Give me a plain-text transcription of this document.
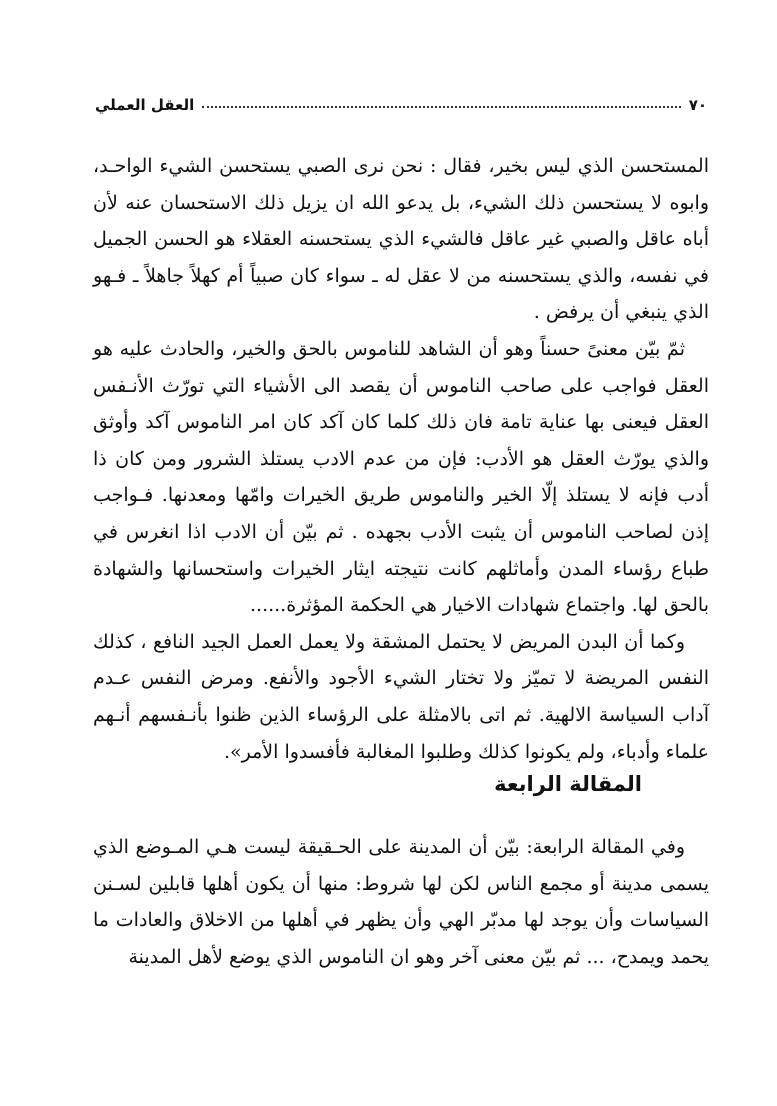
٧٠
العقل العملي

المستحسن الذي ليس بخير، فقال : نحن نرى الصبي يستحسن الشيء الواحـد، وابوه لا يستحسن ذلك الشيء، بل يدعو الله ان يزيل ذلك الاستحسان عنه لأن أباه عاقل والصبي غير عاقل فالشيء الذي يستحسنه العقلاء هو الحسن الجميل في نفسه، والذي يستحسنه من لا عقل له ـ سواء كان صبياً أم كهلاً جاهلاً ـ فـهو الذي ينبغي أن يرفض .

ثمّ بيّن معنىً حسناً وهو أن الشاهد للناموس بالحق والخير، والحادث عليه هو العقل فواجب على صاحب الناموس أن يقصد الى الأشياء التي تورّث الأنـفس العقل فيعنى بها عناية تامة فان ذلك كلما كان آكد كان امر الناموس آكد وأوثق والذي يورّث العقل هو الأدب: فإن من عدم الادب يستلذ الشرور ومن كان ذا أدب فإنه لا يستلذ إلّا الخير والناموس طريق الخيرات وامّها ومعدنها. فـواجب إذن لصاحب الناموس أن يثبت الأدب بجهده . ثم بيّن أن الادب اذا انغرس في طباع رؤساء المدن وأماثلهم كانت نتيجته ايثار الخيرات واستحسانها والشهادة بالحق لها. واجتماع شهادات الاخيار هي الحكمة المؤثرة......

وكما أن البدن المريض لا يحتمل المشقة ولا يعمل العمل الجيد النافع ، كذلك النفس المريضة لا تميّز ولا تختار الشيء الأجود والأنفع. ومرض النفس عـدم آداب السياسة الالهية. ثم اتى بالامثلة على الرؤساء الذين ظنوا بأنـفسهم أنـهم علماء وأدباء، ولم يكونوا كذلك وطلبوا المغالبة فأفسدوا الأمر».

المقالة الرابعة

وفي المقالة الرابعة: بيّن أن المدينة على الحـقيقة ليست هـي المـوضع الذي يسمى مدينة أو مجمع الناس لكن لها شروط: منها أن يكون أهلها قابلين لسـنن السياسات وأن يوجد لها مدبّر الهي وأن يظهر في أهلها من الاخلاق والعادات ما يحمد ويمدح، ... ثم بيّن معنى آخر وهو ان الناموس الذي يوضع لأهل المدينة
